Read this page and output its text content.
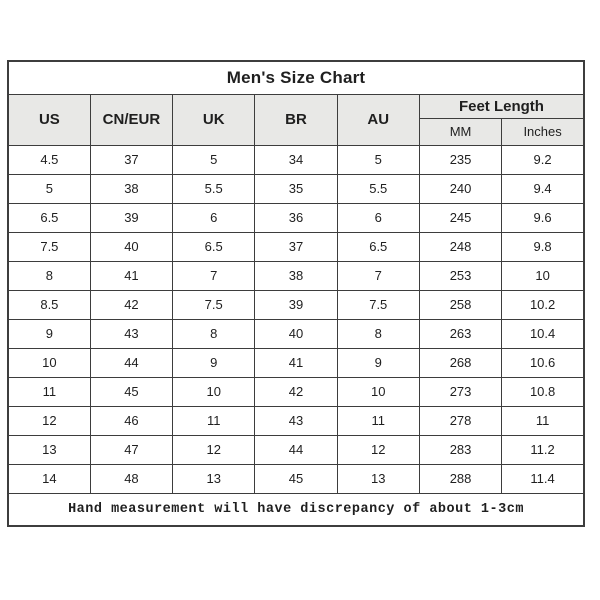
Men's Size Chart						
US	CN/EUR	UK	BR	AU	Feet Length	
					MM	Inches
4.5	37	5	34	5	235	9.2
5	38	5.5	35	5.5	240	9.4
6.5	39	6	36	6	245	9.6
7.5	40	6.5	37	6.5	248	9.8
8	41	7	38	7	253	10
8.5	42	7.5	39	7.5	258	10.2
9	43	8	40	8	263	10.4
10	44	9	41	9	268	10.6
11	45	10	42	10	273	10.8
12	46	11	43	11	278	11
13	47	12	44	12	283	11.2
14	48	13	45	13	288	11.4
Hand measurement will have discrepancy of about 1-3cm						
